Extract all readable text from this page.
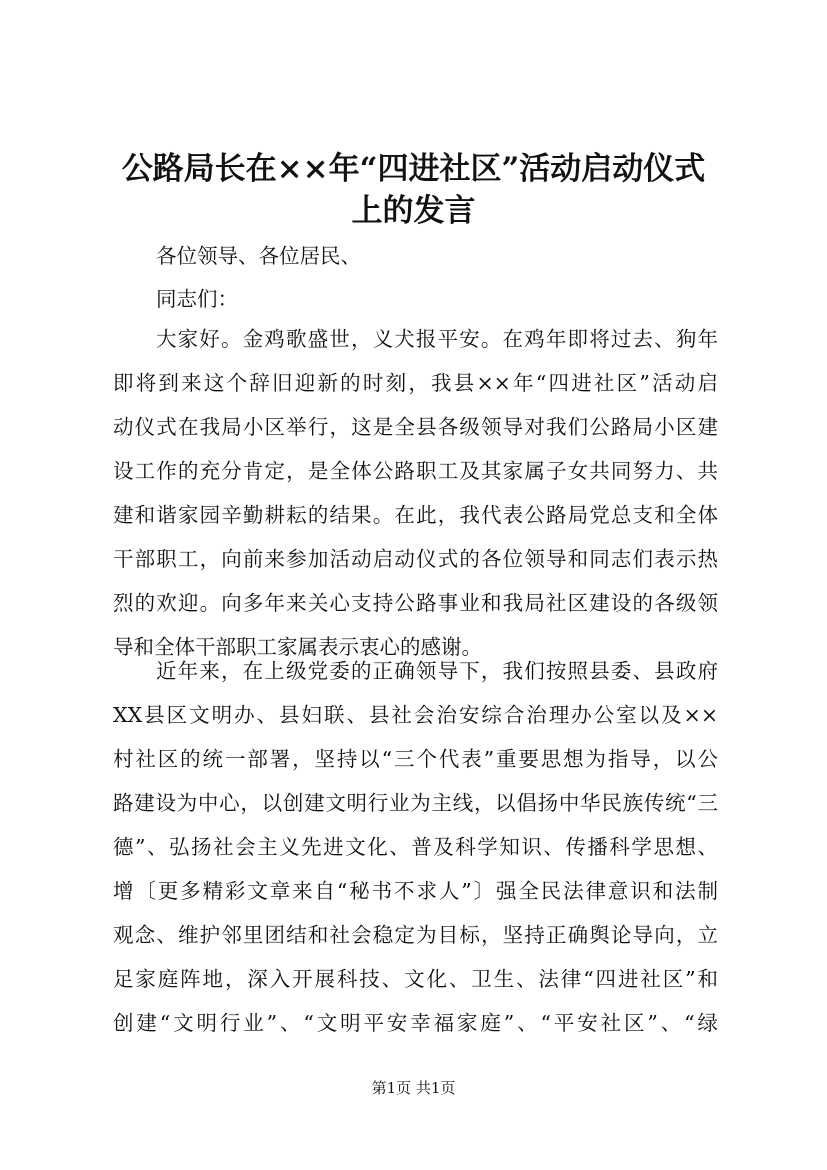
公路局长在××年“四进社区”活动启动仪式
上的发言
各位领导、各位居民、
同志们：
大家好。金鸡歌盛世，义犬报平安。在鸡年即将过去、狗年
即将到来这个辞旧迎新的时刻，我县××年“四进社区”活动启
动仪式在我局小区举行，这是全县各级领导对我们公路局小区建
设工作的充分肯定，是全体公路职工及其家属子女共同努力、共
建和谐家园辛勤耕耘的结果。在此，我代表公路局党总支和全体
干部职工，向前来参加活动启动仪式的各位领导和同志们表示热
烈的欢迎。向多年来关心支持公路事业和我局社区建设的各级领
导和全体干部职工家属表示衷心的感谢。
近年来，在上级党委的正确领导下，我们按照县委、县政府
XX县区文明办、县妇联、县社会治安综合治理办公室以及××
村社区的统一部署，坚持以“三个代表”重要思想为指导，以公
路建设为中心，以创建文明行业为主线，以倡扬中华民族传统“三
德”、弘扬社会主义先进文化、普及科学知识、传播科学思想、
增〔更多精彩文章来自“秘书不求人”〕强全民法律意识和法制
观念、维护邻里团结和社会稳定为目标，坚持正确舆论导向，立
足家庭阵地，深入开展科技、文化、卫生、法律“四进社区”和
创建“文明行业”、“文明平安幸福家庭”、“平安社区”、“绿
第1页 共1页
